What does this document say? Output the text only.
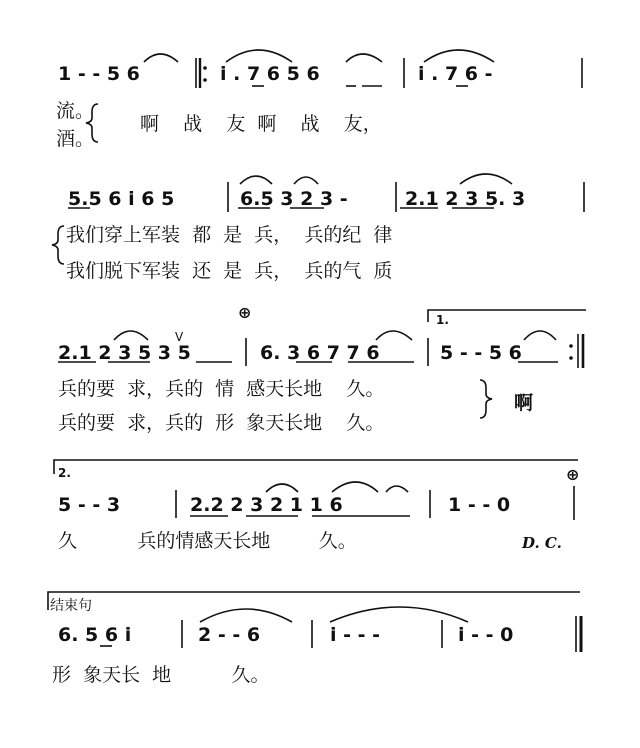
1 - - 5 6	i . 7 6 5 6	i . 7 6 -
流。
酒。
啊    战    友  啊    战    友，
5.5 6 i 6 5	6.5 3 2 3 -	2.1 2 3 5. 3
我们穿上军装  都  是  兵，  兵的纪  律
我们脱下军装  还  是  兵，  兵的气  质
⊕	1.
V
2.1 2 3 5 3 5	6. 3 6 7 7 6	5 - - 5 6
兵的要  求，兵的  情  感天长地    久。
兵的要  求，兵的  形  象天长地    久。
啊
2.	⊕
5 - - 3	2.2 2 3 2 1 1 6	1 - - 0
久          兵的情感天长地        久。	D. C.
结束句
6. 5 6 i	2 - - 6	i - - -	i - - 0
形  象天长  地          久。
